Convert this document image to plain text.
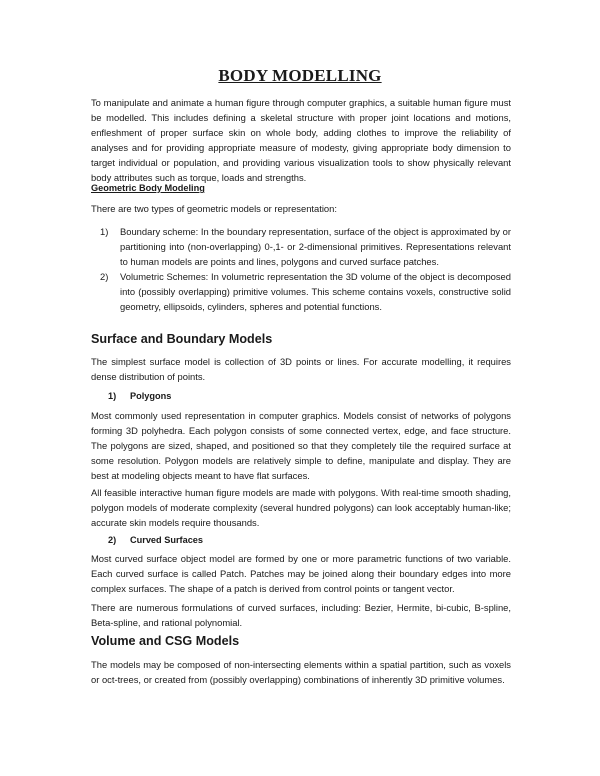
BODY MODELLING

To manipulate and animate a human figure through computer graphics, a suitable human figure must be modelled. This includes defining a skeletal structure with proper joint locations and motions, enfleshment of proper surface skin on whole body, adding clothes to improve the reliability of analyses and for providing appropriate measure of modesty, giving appropriate body dimension to target individual or population, and providing various visualization tools to show physically relevant body attributes such as torque, loads and strengths.

Geometric Body Modeling

There are two types of geometric models or representation:

1) Boundary scheme: In the boundary representation, surface of the object is approximated by or partitioning into (non-overlapping) 0-,1- or 2-dimensional primitives. Representations relevant to human models are points and lines, polygons and curved surface patches.
2) Volumetric Schemes: In volumetric representation the 3D volume of the object is decomposed into (possibly overlapping) primitive volumes. This scheme contains voxels, constructive solid geometry, ellipsoids, cylinders, spheres and potential functions.

Surface and Boundary Models

The simplest surface model is collection of 3D points or lines. For accurate modelling, it requires dense distribution of points.

1) Polygons

Most commonly used representation in computer graphics. Models consist of networks of polygons forming 3D polyhedra. Each polygon consists of some connected vertex, edge, and face structure. The polygons are sized, shaped, and positioned so that they completely tile the required surface at some resolution. Polygon models are relatively simple to define, manipulate and display. They are best at modeling objects meant to have flat surfaces.

All feasible interactive human figure models are made with polygons. With real-time smooth shading, polygon models of moderate complexity (several hundred polygons) can look acceptably human-like; accurate skin models require thousands.

2) Curved Surfaces

Most curved surface object model are formed by one or more parametric functions of two variable. Each curved surface is called Patch. Patches may be joined along their boundary edges into more complex surfaces. The shape of a patch is derived from control points or tangent vector.

There are numerous formulations of curved surfaces, including: Bezier, Hermite, bi-cubic, B-spline, Beta-spline, and rational polynomial.

Volume and CSG Models

The models may be composed of non-intersecting elements within a spatial partition, such as voxels or oct-trees, or created from (possibly overlapping) combinations of inherently 3D primitive volumes.
